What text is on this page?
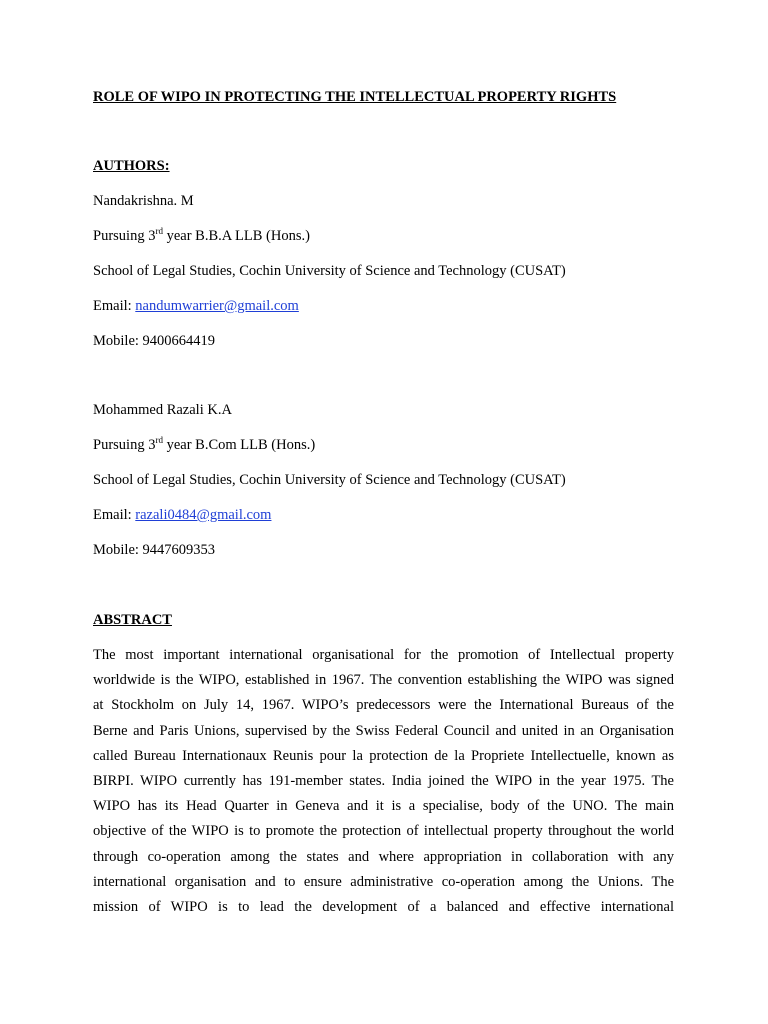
ROLE OF WIPO IN PROTECTING THE INTELLECTUAL PROPERTY RIGHTS
AUTHORS:
Nandakrishna. M
Pursuing 3rd year B.B.A LLB (Hons.)
School of Legal Studies, Cochin University of Science and Technology (CUSAT)
Email: nandumwarrier@gmail.com
Mobile: 9400664419
Mohammed Razali K.A
Pursuing 3rd year B.Com LLB (Hons.)
School of Legal Studies, Cochin University of Science and Technology (CUSAT)
Email: razali0484@gmail.com
Mobile: 9447609353
ABSTRACT
The most important international organisational for the promotion of Intellectual property
worldwide is the WIPO, established in 1967. The convention establishing the WIPO was signed
at Stockholm on July 14, 1967. WIPO’s predecessors were the International Bureaus of the
Berne and Paris Unions, supervised by the Swiss Federal Council and united in an Organisation
called Bureau Internationaux Reunis pour la protection de la Propriete Intellectuelle, known as
BIRPI. WIPO currently has 191-member states. India joined the WIPO in the year 1975. The
WIPO has its Head Quarter in Geneva and it is a specialise, body of the UNO. The main
objective of the WIPO is to promote the protection of intellectual property throughout the world
through co-operation among the states and where appropriation in collaboration with any
international organisation and to ensure administrative co-operation among the Unions. The
mission of WIPO is to lead the development of a balanced and effective international
